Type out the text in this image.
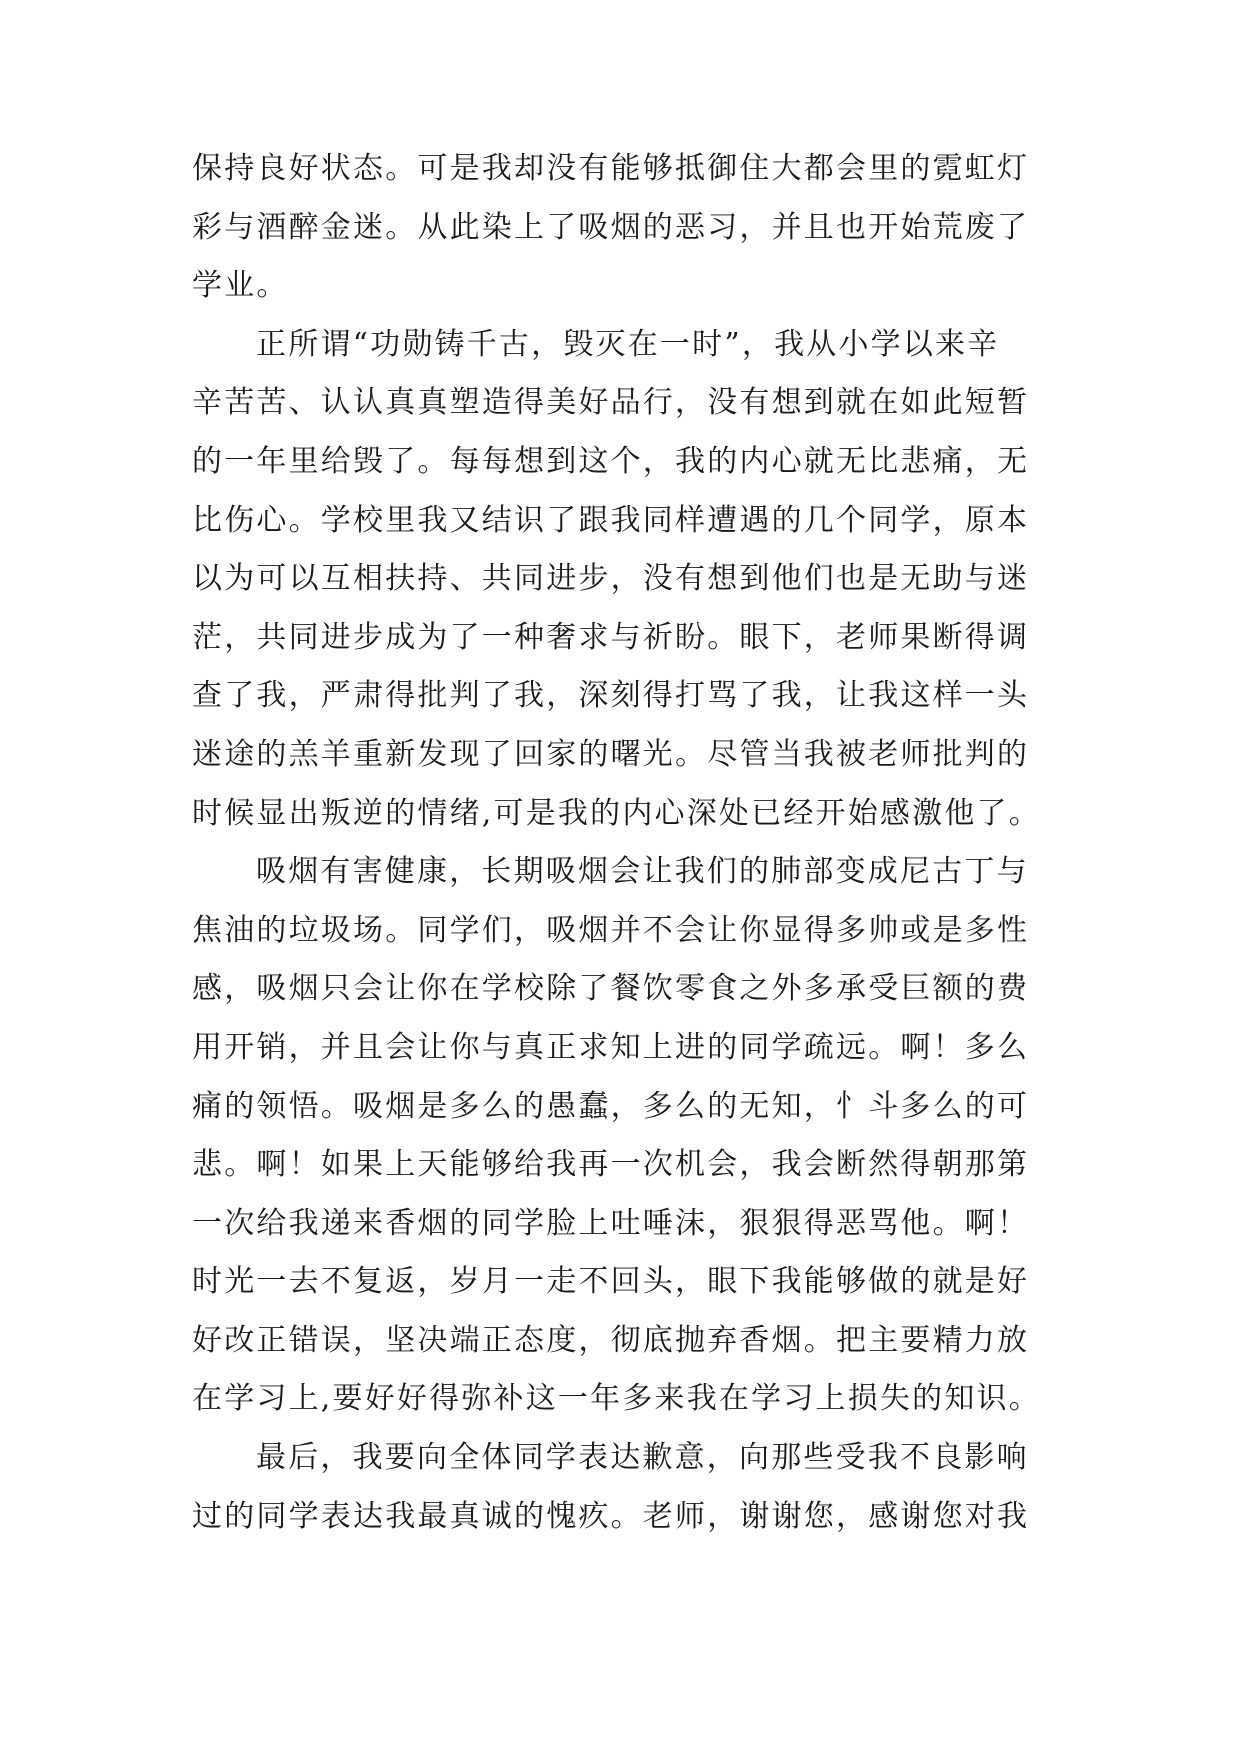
保持良好状态。可是我却没有能够抵御住大都会里的霓虹灯
彩与酒醉金迷。从此染上了吸烟的恶习，并且也开始荒废了
学业。
正所谓“功勋铸千古，毁灭在一时”，我从小学以来辛
辛苦苦、认认真真塑造得美好品行，没有想到就在如此短暂
的一年里给毁了。每每想到这个，我的内心就无比悲痛，无
比伤心。学校里我又结识了跟我同样遭遇的几个同学，原本
以为可以互相扶持、共同进步，没有想到他们也是无助与迷
茫，共同进步成为了一种奢求与祈盼。眼下，老师果断得调
查了我，严肃得批判了我，深刻得打骂了我，让我这样一头
迷途的羔羊重新发现了回家的曙光。尽管当我被老师批判的
时候显出叛逆的情绪,可是我的内心深处已经开始感激他了。
吸烟有害健康，长期吸烟会让我们的肺部变成尼古丁与
焦油的垃圾场。同学们，吸烟并不会让你显得多帅或是多性
感，吸烟只会让你在学校除了餐饮零食之外多承受巨额的费
用开销，并且会让你与真正求知上进的同学疏远。啊！多么
痛的领悟。吸烟是多么的愚蠢，多么的无知，忄斗多么的可
悲。啊！如果上天能够给我再一次机会，我会断然得朝那第
一次给我递来香烟的同学脸上吐唾沫，狠狠得恶骂他。啊！
时光一去不复返，岁月一走不回头，眼下我能够做的就是好
好改正错误，坚决端正态度，彻底抛弃香烟。把主要精力放
在学习上,要好好得弥补这一年多来我在学习上损失的知识。
最后，我要向全体同学表达歉意，向那些受我不良影响
过的同学表达我最真诚的愧疚。老师，谢谢您，感谢您对我
